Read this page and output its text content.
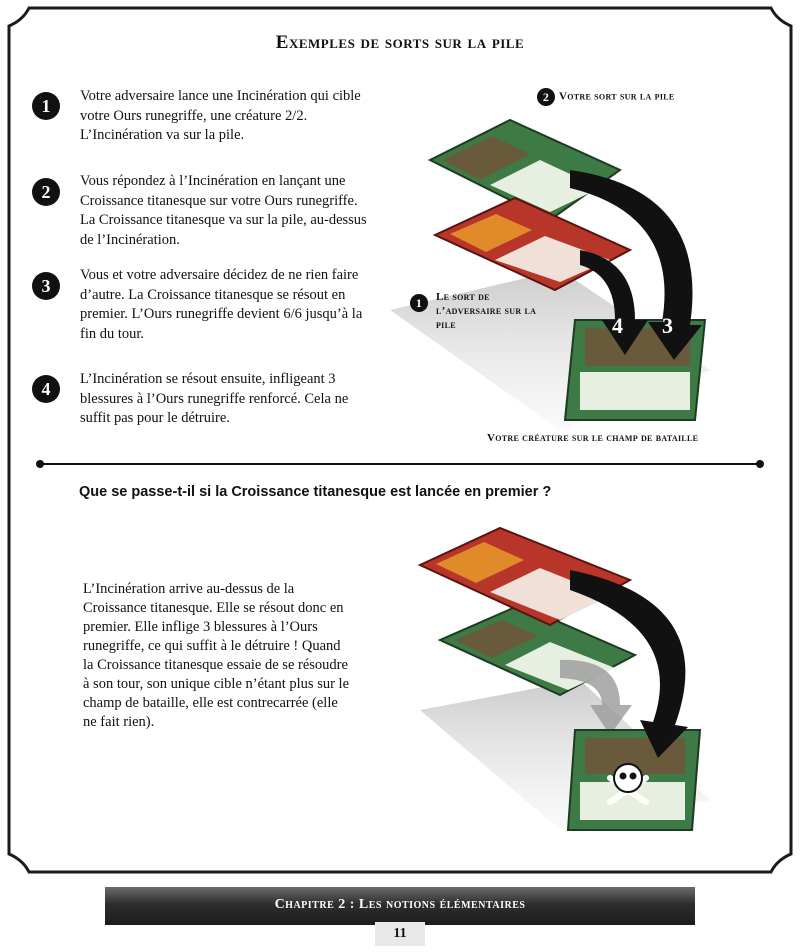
Exemples de sorts sur la pile
1	Votre adversaire lance une Incinération qui cible votre Ours runegriffe, une créature 2/2. L’Incinération va sur la pile.
2
Vous répondez à l’Incinération en lançant une Croissance titanesque sur votre Ours runegriffe. La Croissance titanesque va sur la pile, au-dessus de l’Incinération.
3
Vous et votre adversaire décidez de ne rien faire d’autre. La Croissance titanesque se résout en premier. L’Ours runegriffe devient 6/6 jusqu’à la fin du tour.
4	L’Incinération se résout ensuite, infligeant 3 blessures à l’Ours runegriffe renforcé. Cela ne suffit pas pour le détruire.
4 3
2 Votre sort sur la pile
1	Le sort de l’adversaire sur la pile
Votre créature sur le champ de bataille
Que se passe-t-il si la Croissance titanesque est lancée en premier ?
L’Incinération arrive au-dessus de la Croissance titanesque. Elle se résout donc en premier. Elle inflige 3 blessures à l’Ours runegriffe, ce qui suffit à le détruire ! Quand la Croissance titanesque essaie de se résoudre à son tour, son unique cible n’étant plus sur le champ de bataille, elle est contrecarrée (elle ne fait rien).
Chapitre 2 : Les notions élémentaires
11
